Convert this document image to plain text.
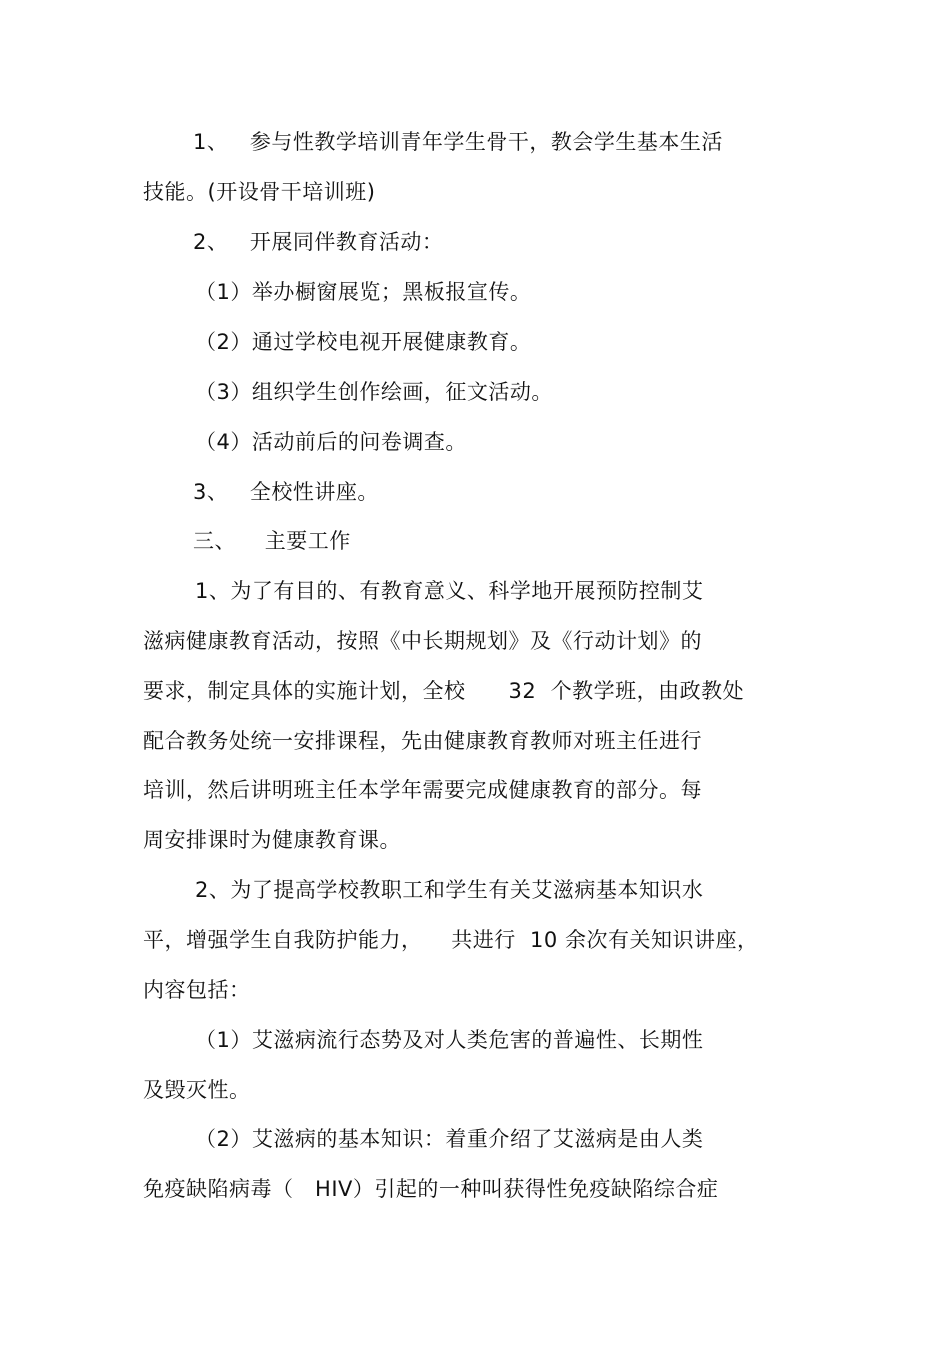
1、   参与性教学培训青年学生骨干，教会学生基本生活
技能。(开设骨干培训班)
2、   开展同伴教育活动：
（1）举办橱窗展览；黑板报宣传。
（2）通过学校电视开展健康教育。
（3）组织学生创作绘画，征文活动。
（4）活动前后的问卷调查。
3、   全校性讲座。
三、    主要工作
1、为了有目的、有教育意义、科学地开展预防控制艾
滋病健康教育活动，按照《中长期规划》及《行动计划》的
要求，制定具体的实施计划，全校      32  个教学班，由政教处
配合教务处统一安排课程，先由健康教育教师对班主任进行
培训，然后讲明班主任本学年需要完成健康教育的部分。每
周安排课时为健康教育课。
2、为了提高学校教职工和学生有关艾滋病基本知识水
平，增强学生自我防护能力，    共进行  10 余次有关知识讲座，
内容包括：
（1）艾滋病流行态势及对人类危害的普遍性、长期性
及毁灭性。
（2）艾滋病的基本知识：着重介绍了艾滋病是由人类
免疫缺陷病毒（   HIV）引起的一种叫获得性免疫缺陷综合症
